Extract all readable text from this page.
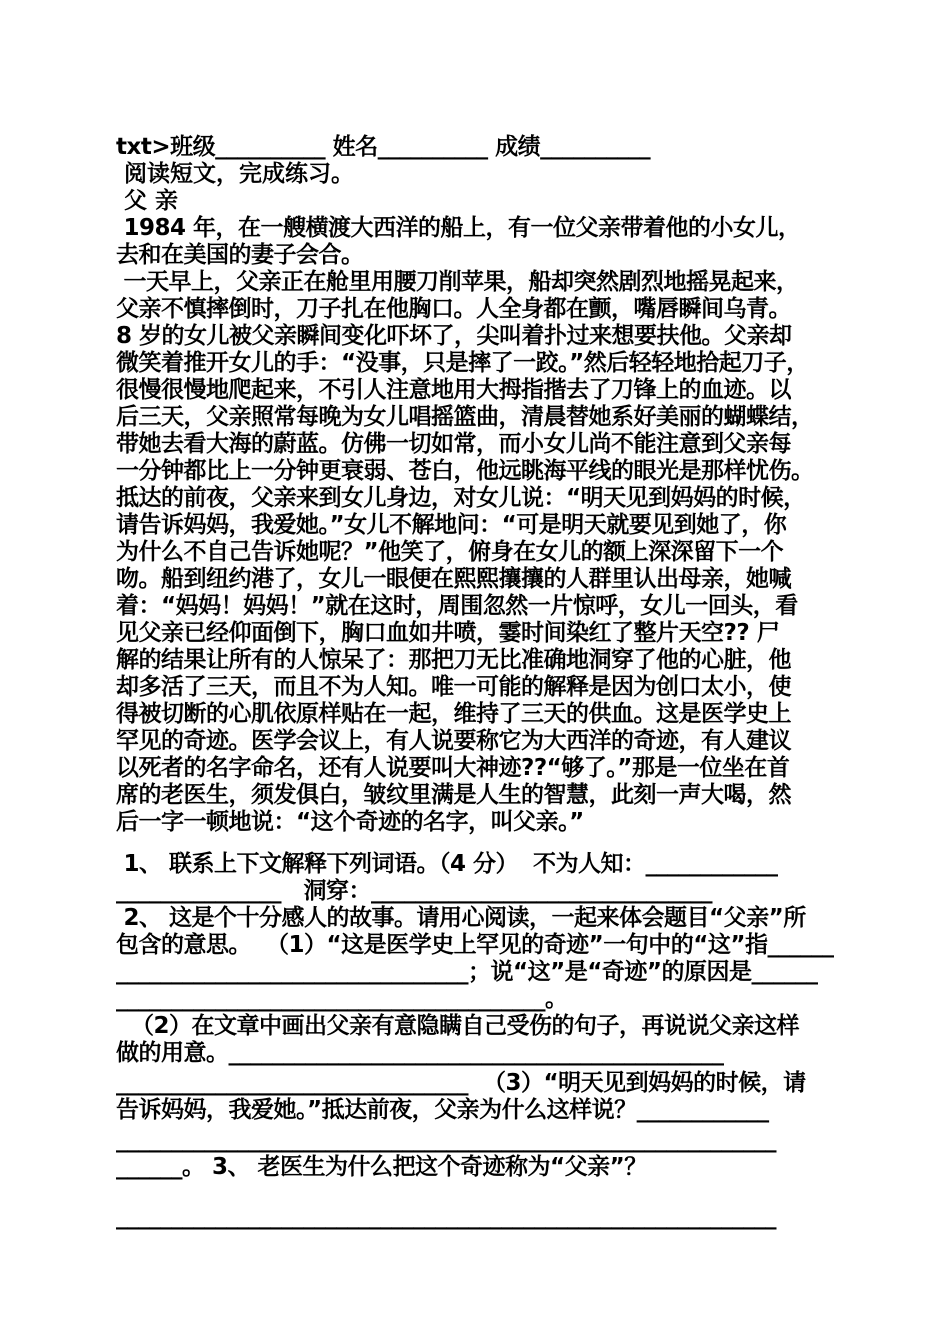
txt>班级__________ 姓名__________ 成绩__________
阅读短文，完成练习。
父 亲
1984 年，在一艘横渡大西洋的船上，有一位父亲带着他的小女儿，
去和在美国的妻子会合。
一天早上，父亲正在舱里用腰刀削苹果，船却突然剧烈地摇晃起来，
父亲不慎摔倒时，刀子扎在他胸口。人全身都在颤，嘴唇瞬间乌青。
8 岁的女儿被父亲瞬间变化吓坏了，尖叫着扑过来想要扶他。父亲却
微笑着推开女儿的手：“没事，只是摔了一跤。”然后轻轻地拾起刀子，
很慢很慢地爬起来，不引人注意地用大拇指揩去了刀锋上的血迹。以
后三天，父亲照常每晚为女儿唱摇篮曲，清晨替她系好美丽的蝴蝶结，
带她去看大海的蔚蓝。仿佛一切如常，而小女儿尚不能注意到父亲每
一分钟都比上一分钟更衰弱、苍白，他远眺海平线的眼光是那样忧伤。
抵达的前夜，父亲来到女儿身边，对女儿说：“明天见到妈妈的时候，
请告诉妈妈，我爱她。”女儿不解地问：“可是明天就要见到她了，你
为什么不自己告诉她呢？”他笑了，俯身在女儿的额上深深留下一个
吻。船到纽约港了，女儿一眼便在熙熙攘攘的人群里认出母亲，她喊
着：“妈妈！妈妈！”就在这时，周围忽然一片惊呼，女儿一回头，看
见父亲已经仰面倒下，胸口血如井喷，霎时间染红了整片天空?? 尸
解的结果让所有的人惊呆了：那把刀无比准确地洞穿了他的心脏，他
却多活了三天，而且不为人知。唯一可能的解释是因为创口太小，使
得被切断的心肌依原样贴在一起，维持了三天的供血。这是医学史上
罕见的奇迹。医学会议上，有人说要称它为大西洋的奇迹，有人建议
以死者的名字命名，还有人说要叫大神迹??“够了。”那是一位坐在首
席的老医生，须发俱白，皱纹里满是人生的智慧，此刻一声大喝，然
后一字一顿地说：“这个奇迹的名字，叫父亲。”
1、 联系上下文解释下列词语。（4 分）  不为人知：____________
_______________   洞穿：_______________________________
2、 这是个十分感人的故事。请用心阅读，一起来体会题目“父亲”所
包含的意思。  （1）“这是医学史上罕见的奇迹”一句中的“这”指______
________________________________；说“这”是“奇迹”的原因是______
_______________________________________。
（2）在文章中画出父亲有意隐瞒自己受伤的句子，再说说父亲这样
做的用意。_____________________________________________
________________________________  （3）“明天见到妈妈的时候，请
告诉妈妈，我爱她。”抵达前夜，父亲为什么这样说？____________
____________________________________________________________
______。 3、 老医生为什么把这个奇迹称为“父亲”？
____________________________________________________________
